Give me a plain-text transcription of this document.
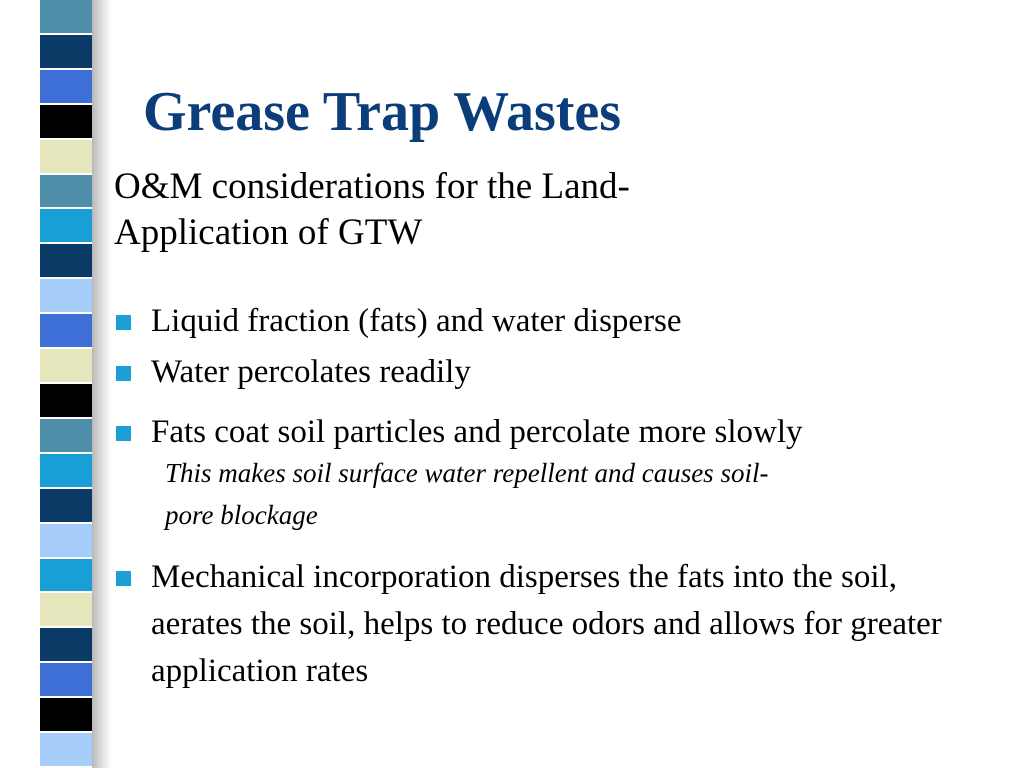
Grease Trap Wastes
O&M considerations for the Land-Application of GTW
Liquid fraction (fats) and water disperse
Water percolates readily
Fats coat soil particles and percolate more slowly
This makes soil surface water repellent and causes soil-pore blockage
Mechanical incorporation disperses the fats into the soil, aerates the soil, helps to reduce odors and allows for greater application rates
